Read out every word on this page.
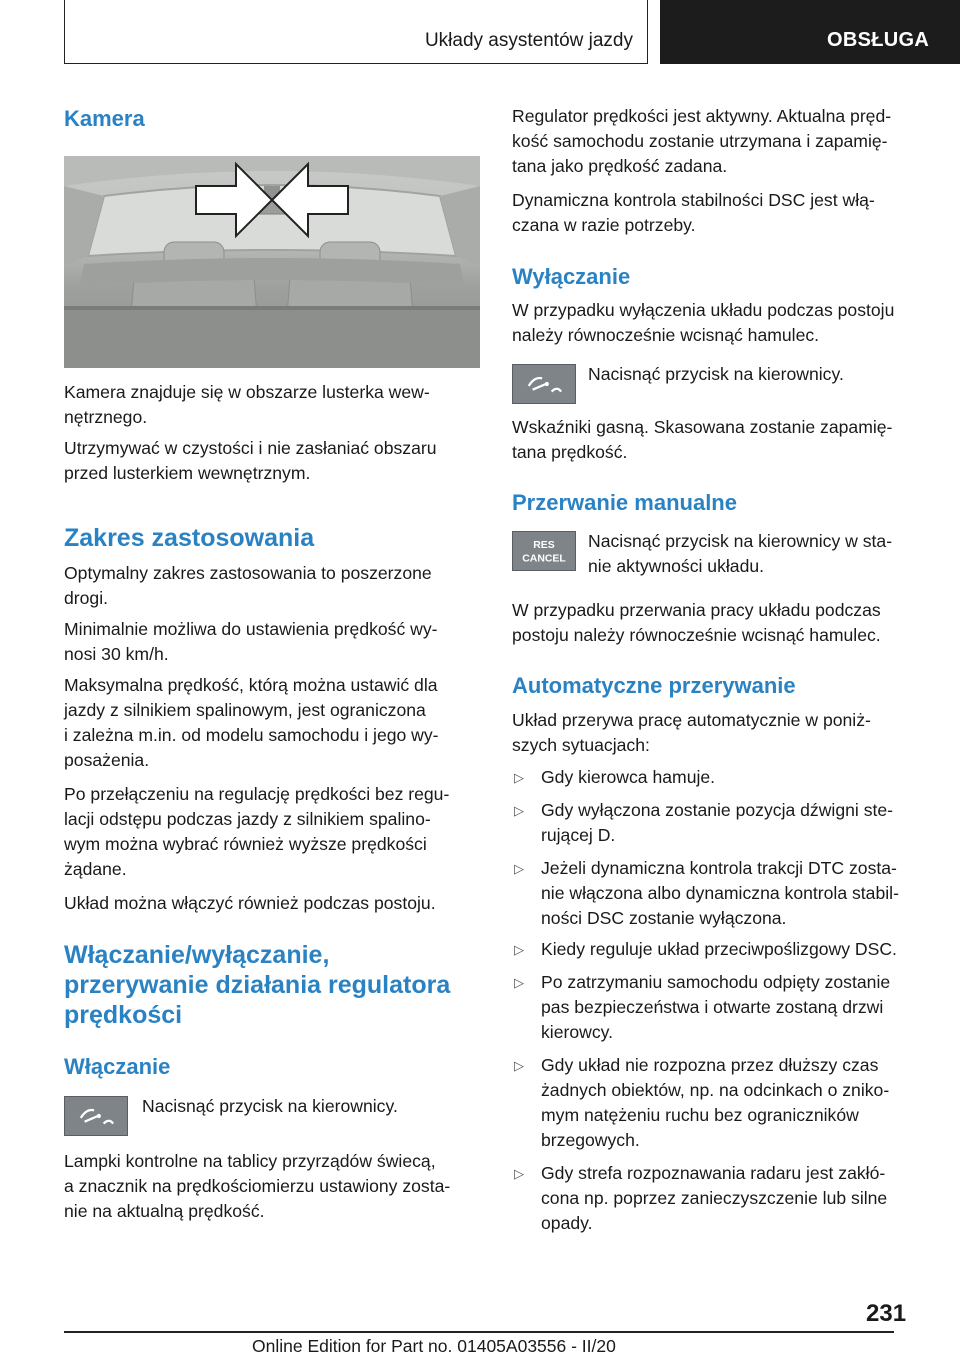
Układy asystentów jazdy	OBSŁUGA
Kamera

Kamera znajduje się w obszarze lusterka wew-

nętrznego.

Utrzymywać w czystości i nie zasłaniać obszaru

przed lusterkiem wewnętrznym.

Zakres zastosowania

Optymalny zakres zastosowania to poszerzone

drogi.

Minimalnie możliwa do ustawienia prędkość wy-

nosi 30 km/h.

Maksymalna prędkość, którą można ustawić dla

jazdy z silnikiem spalinowym, jest ograniczona

i zależna m.in. od modelu samochodu i jego wy-

posażenia.

Po przełączeniu na regulację prędkości bez regu-

lacji odstępu podczas jazdy z silnikiem spalino-

wym można wybrać również wyższe prędkości

żądane.

Układ można włączyć również podczas postoju.

Włączanie/wyłączanie,
przerywanie działania regulatora
prędkości
Włączanie

Nacisnąć przycisk na kierownicy.

Lampki kontrolne na tablicy przyrządów świecą,

a znacznik na prędkościomierzu ustawiony zosta-

nie na aktualną prędkość.

Regulator prędkości jest aktywny. Aktualna pręd-

kość samochodu zostanie utrzymana i zapamię-

tana jako prędkość zadana.

Dynamiczna kontrola stabilności DSC jest włą-

czana w razie potrzeby.

Wyłączanie

W przypadku wyłączenia układu podczas postoju

należy równocześnie wcisnąć hamulec.

Nacisnąć przycisk na kierownicy.

Wskaźniki gasną. Skasowana zostanie zapamię-

tana prędkość.

Przerwanie manualne
RES
CANCEL

Nacisnąć przycisk na kierownicy w sta-

nie aktywności układu.

W przypadku przerwania pracy układu podczas

postoju należy równocześnie wcisnąć hamulec.

Automatyczne przerywanie

Układ przerywa pracę automatycznie w poniż-

szych sytuacjach:

▷ Gdy kierowca hamuje.

▷ Gdy wyłączona zostanie pozycja dźwigni ste-

rującej D.

▷ Jeżeli dynamiczna kontrola trakcji DTC zosta-

nie włączona albo dynamiczna kontrola stabil-

ności DSC zostanie wyłączona.

▷ Kiedy reguluje układ przeciwpoślizgowy DSC.

▷ Po zatrzymaniu samochodu odpięty zostanie

pas bezpieczeństwa i otwarte zostaną drzwi

kierowcy.

▷ Gdy układ nie rozpozna przez dłuższy czas

żadnych obiektów, np. na odcinkach o zniko-

mym natężeniu ruchu bez ograniczników

brzegowych.

▷ Gdy strefa rozpoznawania radaru jest zakłó-

cona np. poprzez zanieczyszczenie lub silne

opady.

231
Online Edition for Part no. 01405A03556 - II/20
